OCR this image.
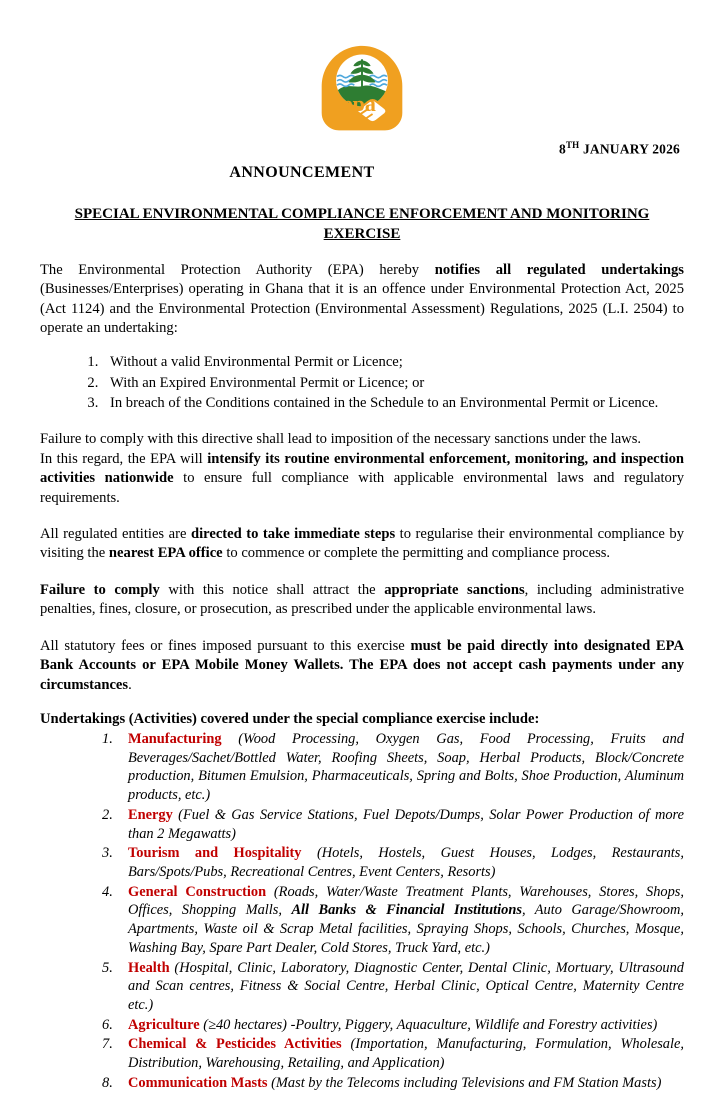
epa
8TH JANUARY 2026
ANNOUNCEMENT
SPECIAL ENVIRONMENTAL COMPLIANCE ENFORCEMENT AND MONITORING EXERCISE

The Environmental Protection Authority (EPA) hereby notifies all regulated undertakings (Businesses/Enterprises) operating in Ghana that it is an offence under Environmental Protection Act, 2025 (Act 1124) and the Environmental Protection (Environmental Assessment) Regulations, 2025 (L.I. 2504) to operate an undertaking:

1. Without a valid Environmental Permit or Licence;
2. With an Expired Environmental Permit or Licence; or
3. In breach of the Conditions contained in the Schedule to an Environmental Permit or Licence.

Failure to comply with this directive shall lead to imposition of the necessary sanctions under the laws.
In this regard, the EPA will intensify its routine environmental enforcement, monitoring, and inspection activities nationwide to ensure full compliance with applicable environmental laws and regulatory requirements.

All regulated entities are directed to take immediate steps to regularise their environmental compliance by visiting the nearest EPA office to commence or complete the permitting and compliance process.

Failure to comply with this notice shall attract the appropriate sanctions, including administrative penalties, fines, closure, or prosecution, as prescribed under the applicable environmental laws.

All statutory fees or fines imposed pursuant to this exercise must be paid directly into designated EPA Bank Accounts or EPA Mobile Money Wallets. The EPA does not accept cash payments under any circumstances.

Undertakings (Activities) covered under the special compliance exercise include:
Manufacturing (Wood Processing, Oxygen Gas, Food Processing, Fruits and Beverages/Sachet/Bottled Water, Roofing Sheets, Soap, Herbal Products, Block/Concrete production, Bitumen Emulsion, Pharmaceuticals, Spring and Bolts, Shoe Production, Aluminum products, etc.)
Energy (Fuel & Gas Service Stations, Fuel Depots/Dumps, Solar Power Production of more than 2 Megawatts)
Tourism and Hospitality (Hotels, Hostels, Guest Houses, Lodges, Restaurants, Bars/Spots/Pubs, Recreational Centres, Event Centers, Resorts)
General Construction (Roads, Water/Waste Treatment Plants, Warehouses, Stores, Shops, Offices, Shopping Malls, All Banks & Financial Institutions, Auto Garage/Showroom, Apartments, Waste oil & Scrap Metal facilities, Spraying Shops, Schools, Churches, Mosque, Washing Bay, Spare Part Dealer, Cold Stores, Truck Yard, etc.)
Health (Hospital, Clinic, Laboratory, Diagnostic Center, Dental Clinic, Mortuary, Ultrasound and Scan centres, Fitness & Social Centre, Herbal Clinic, Optical Centre, Maternity Centre etc.)
Agriculture (≥40 hectares) -Poultry, Piggery, Aquaculture, Wildlife and Forestry activities)
Chemical & Pesticides Activities (Importation, Manufacturing, Formulation, Wholesale, Distribution, Warehousing, Retailing, and Application)
Communication Masts (Mast by the Telecoms including Televisions and FM Station Masts)
